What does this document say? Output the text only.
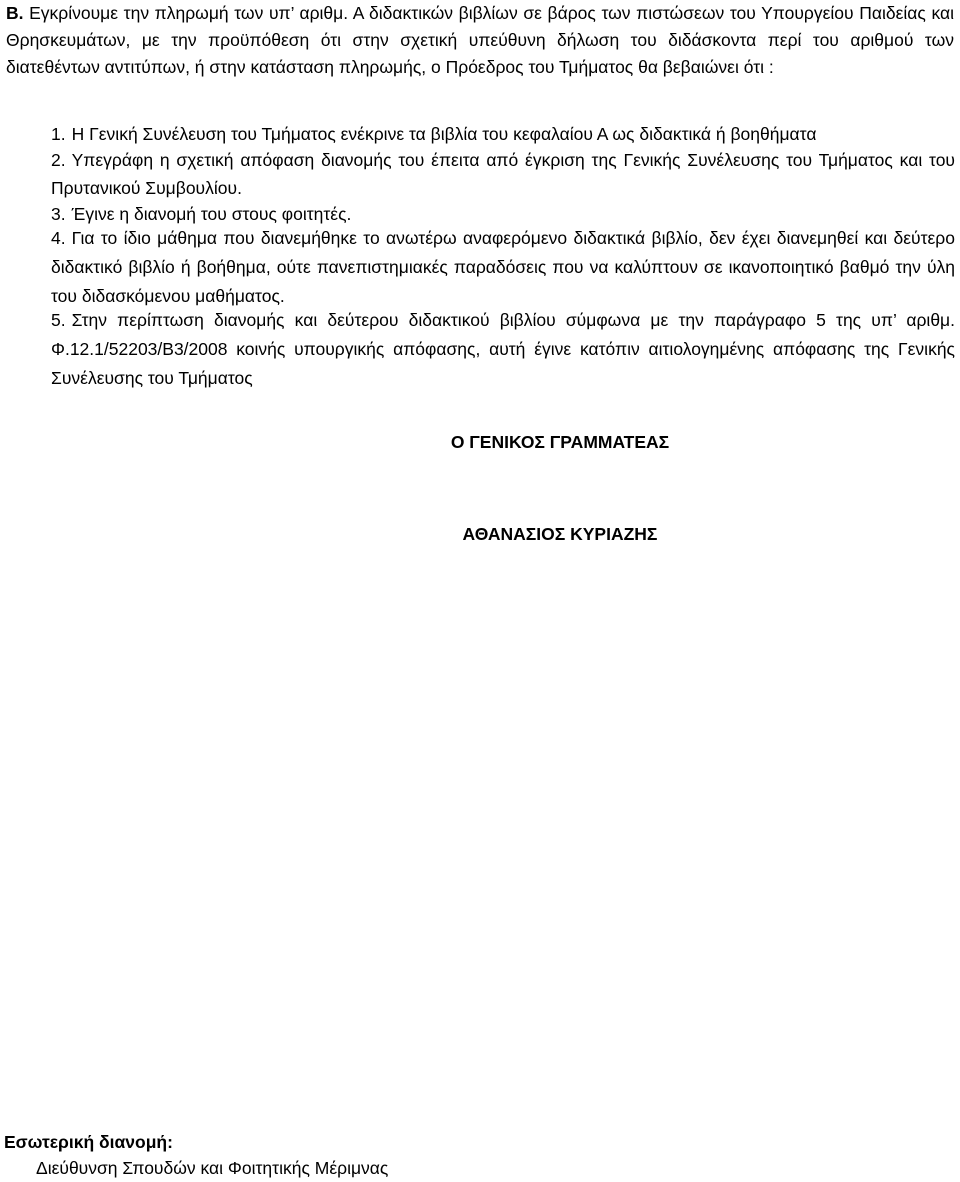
Β. Εγκρίνουμε την πληρωμή των υπ’ αριθμ. Α διδακτικών βιβλίων σε βάρος των πιστώσεων του Υπουργείου Παιδείας και Θρησκευμάτων, με την προϋπόθεση ότι στην σχετική υπεύθυνη δήλωση του διδάσκοντα περί του αριθμού των διατεθέντων αντιτύπων, ή στην κατάσταση πληρωμής, ο Πρόεδρος του Τμήματος θα βεβαιώνει ότι :
1. Η Γενική Συνέλευση του Τμήματος ενέκρινε τα βιβλία του κεφαλαίου Α ως διδακτικά ή βοηθήματα
2. Υπεγράφη η σχετική απόφαση διανομής του έπειτα από έγκριση της Γενικής Συνέλευσης του Τμήματος και του Πρυτανικού Συμβουλίου.
3. Έγινε η διανομή του στους φοιτητές.
4. Για το ίδιο μάθημα που διανεμήθηκε το ανωτέρω αναφερόμενο διδακτικά βιβλίο, δεν έχει διανεμηθεί και δεύτερο διδακτικό βιβλίο ή βοήθημα, ούτε πανεπιστημιακές παραδόσεις που να καλύπτουν σε ικανοποιητικό βαθμό την ύλη του διδασκόμενου μαθήματος.
5. Στην περίπτωση διανομής και δεύτερου διδακτικού βιβλίου σύμφωνα με την παράγραφο 5 της υπ’ αριθμ. Φ.12.1/52203/Β3/2008 κοινής υπουργικής απόφασης, αυτή έγινε κατόπιν αιτιολογημένης απόφασης της Γενικής Συνέλευσης του Τμήματος
Ο ΓΕΝΙΚΟΣ ΓΡΑΜΜΑΤΕΑΣ
ΑΘΑΝΑΣΙΟΣ ΚΥΡΙΑΖΗΣ
Εσωτερική διανομή:
Διεύθυνση Σπουδών και Φοιτητικής Μέριμνας
